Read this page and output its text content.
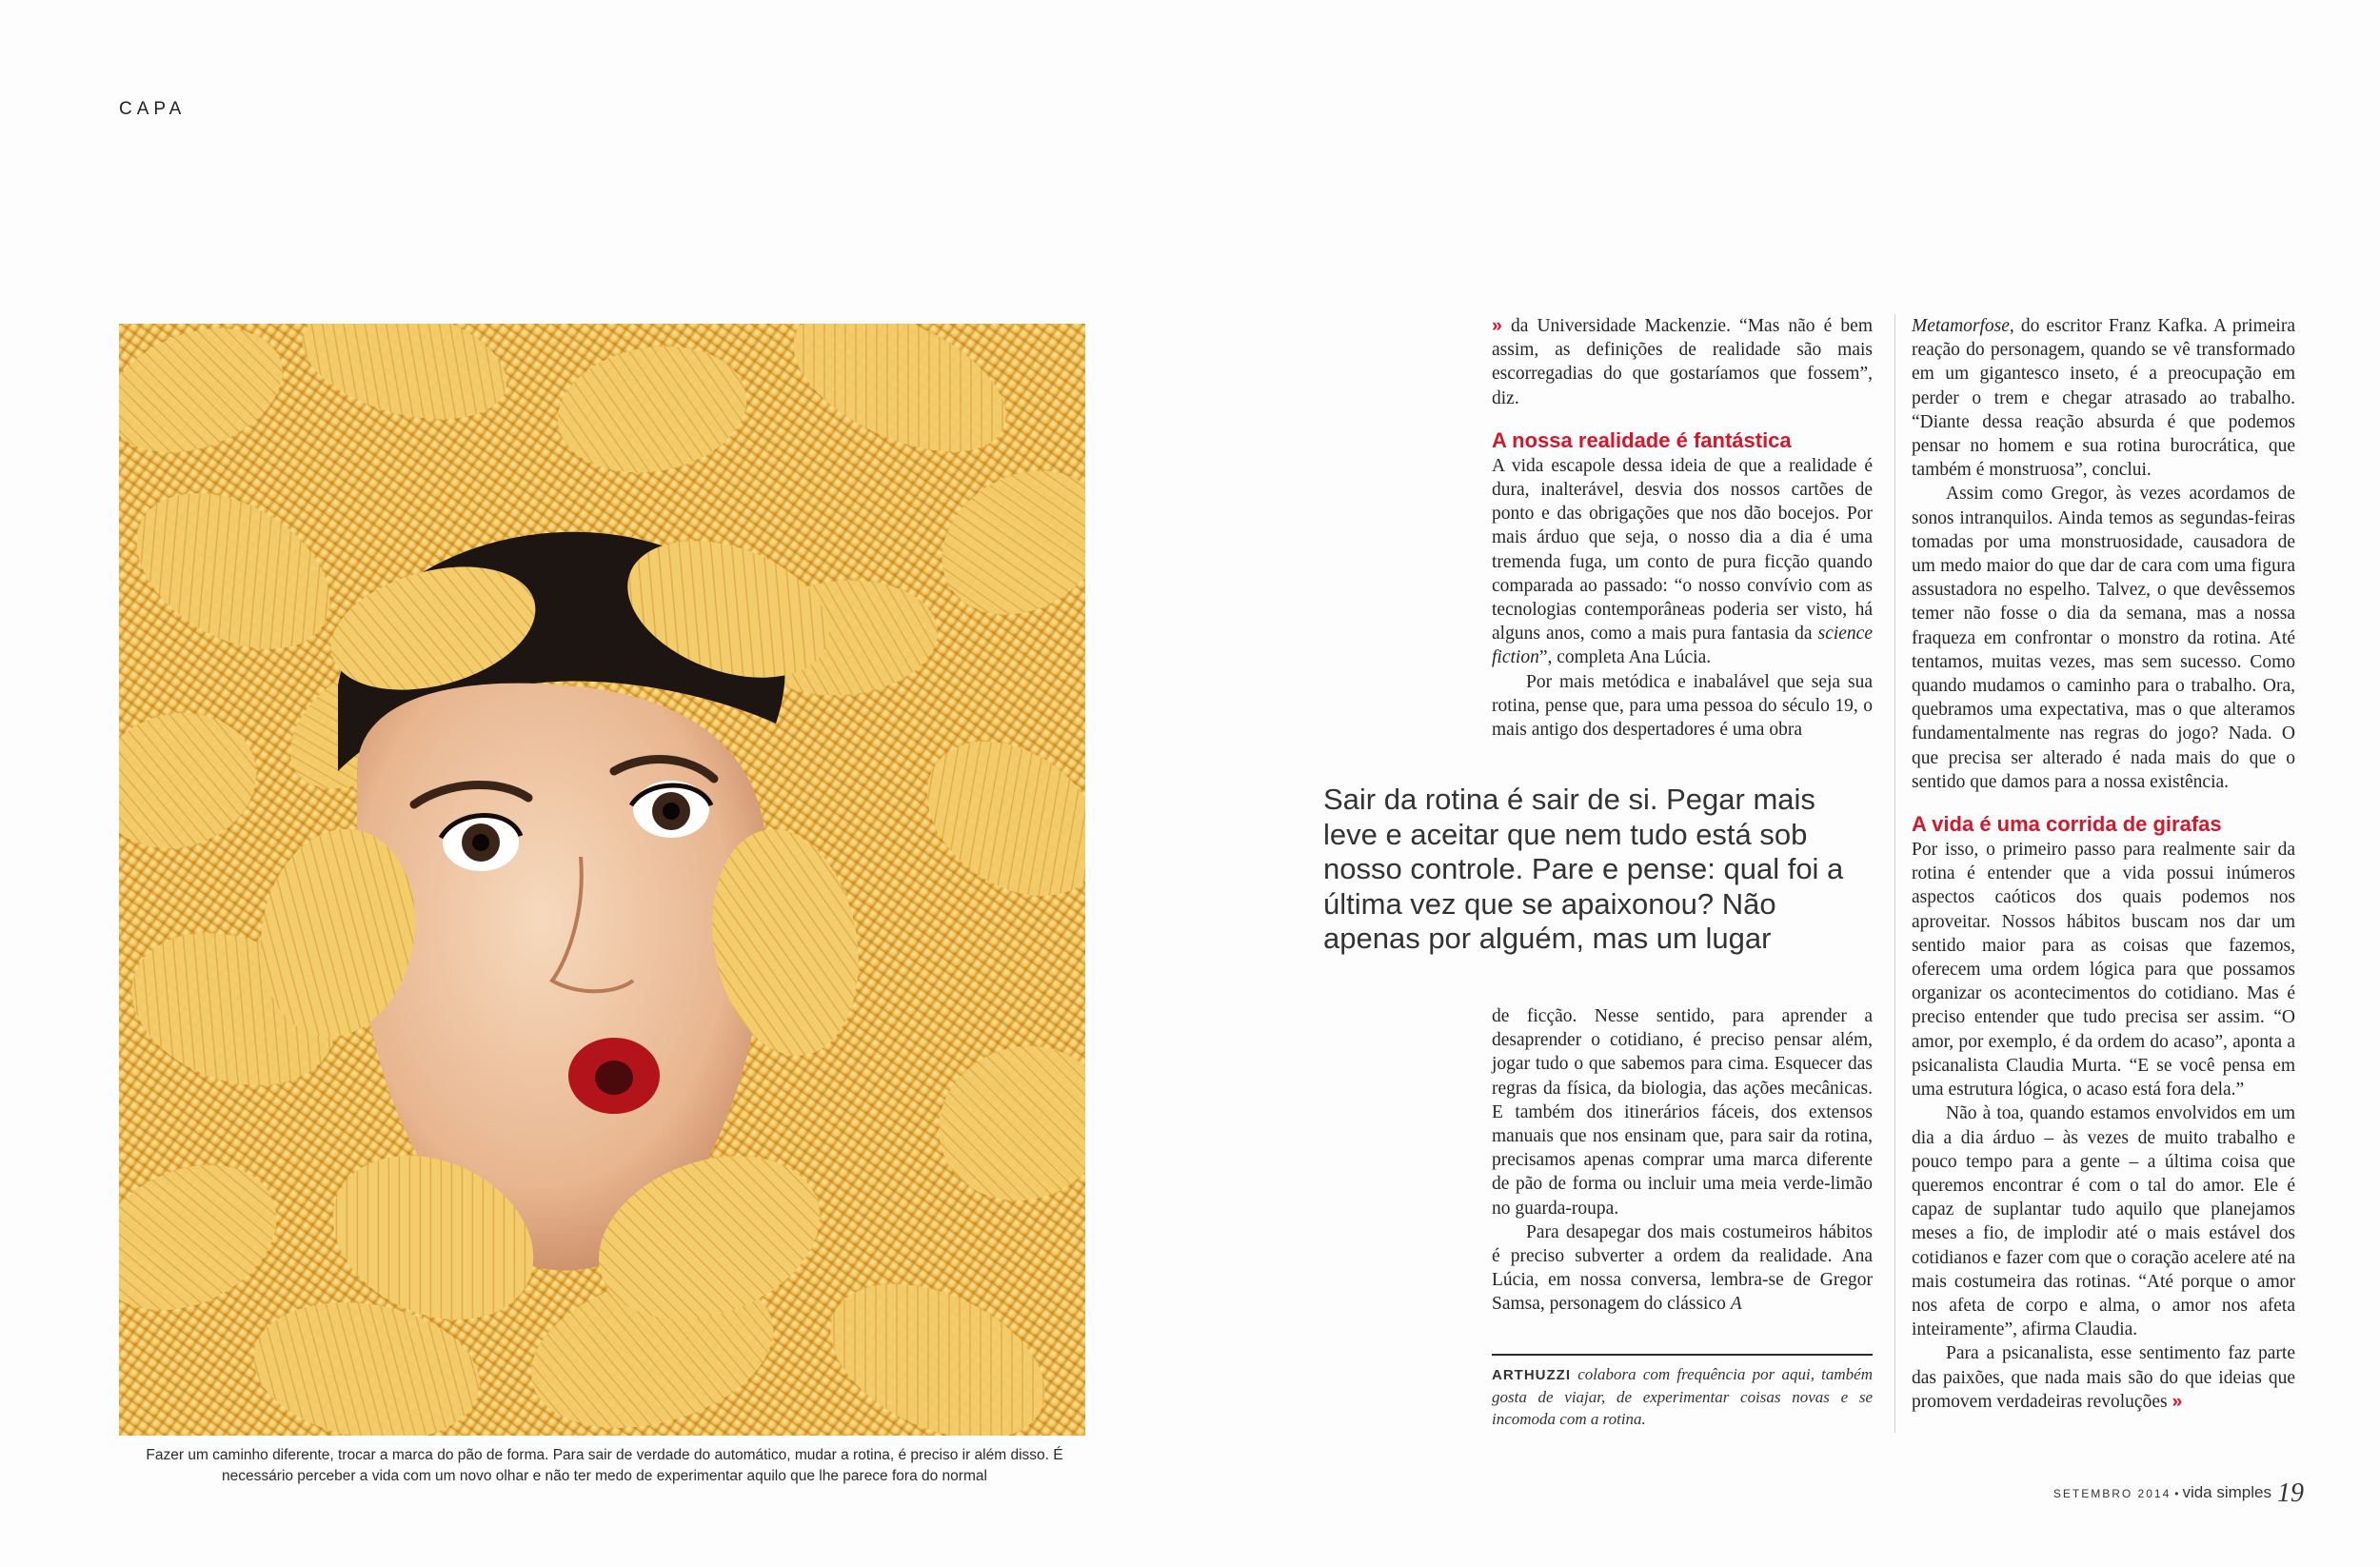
CAPA
Fazer um caminho diferente, trocar a marca do pão de forma. Para sair de verdade do automático, mudar a rotina, é preciso ir além disso. É necessário perceber a vida com um novo olhar e não ter medo de experimentar aquilo que lhe parece fora do normal

» da Universidade Mackenzie. “Mas não é bem assim, as definições de realidade são mais escorregadias do que gostaríamos que fossem”, diz.

A nossa realidade é fantástica

A vida escapole dessa ideia de que a realidade é dura, inalterável, desvia dos nossos cartões de ponto e das obrigações que nos dão bocejos. Por mais árduo que seja, o nosso dia a dia é uma tremenda fuga, um conto de pura ficção quando comparada ao passado: “o nosso convívio com as tecnologias contemporâneas poderia ser visto, há alguns anos, como a mais pura fantasia da science fiction”, completa Ana Lúcia.

Por mais metódica e inabalável que seja sua rotina, pense que, para uma pessoa do século 19, o mais antigo dos despertadores é uma obra

Sair da rotina é sair de si. Pegar mais leve e aceitar que nem tudo está sob nosso controle. Pare e pense: qual foi a última vez que se apaixonou? Não apenas por alguém, mas um lugar

de ficção. Nesse sentido, para aprender a desaprender o cotidiano, é preciso pensar além, jogar tudo o que sabemos para cima. Esquecer das regras da física, da biologia, das ações mecânicas. E também dos itinerários fáceis, dos extensos manuais que nos ensinam que, para sair da rotina, precisamos apenas comprar uma marca diferente de pão de forma ou incluir uma meia verde-limão no guarda-roupa.

Para desapegar dos mais costumeiros hábitos é preciso subverter a ordem da realidade. Ana Lúcia, em nossa conversa, lembra-se de Gregor Samsa, personagem do clássico A

ARTHUZZI colabora com frequência por aqui, também gosta de viajar, de experimentar coisas novas e se incomoda com a rotina.

Metamorfose, do escritor Franz Kafka. A primeira reação do personagem, quando se vê transformado em um gigantesco inseto, é a preocupação em perder o trem e chegar atrasado ao trabalho. “Diante dessa reação absurda é que podemos pensar no homem e sua rotina burocrática, que também é monstruosa”, conclui.

Assim como Gregor, às vezes acordamos de sonos intranquilos. Ainda temos as segundas-feiras tomadas por uma monstruosidade, causadora de um medo maior do que dar de cara com uma figura assustadora no espelho. Talvez, o que devêssemos temer não fosse o dia da semana, mas a nossa fraqueza em confrontar o monstro da rotina. Até tentamos, muitas vezes, mas sem sucesso. Como quando mudamos o caminho para o trabalho. Ora, quebramos uma expectativa, mas o que alteramos fundamentalmente nas regras do jogo? Nada. O que precisa ser alterado é nada mais do que o sentido que damos para a nossa existência.

A vida é uma corrida de girafas

Por isso, o primeiro passo para realmente sair da rotina é entender que a vida possui inúmeros aspectos caóticos dos quais podemos nos aproveitar. Nossos hábitos buscam nos dar um sentido maior para as coisas que fazemos, oferecem uma ordem lógica para que possamos organizar os acontecimentos do cotidiano. Mas é preciso entender que tudo precisa ser assim. “O amor, por exemplo, é da ordem do acaso”, aponta a psicanalista Claudia Murta. “E se você pensa em uma estrutura lógica, o acaso está fora dela.”

Não à toa, quando estamos envolvidos em um dia a dia árduo – às vezes de muito trabalho e pouco tempo para a gente – a última coisa que queremos encontrar é com o tal do amor. Ele é capaz de suplantar tudo aquilo que planejamos meses a fio, de implodir até o mais estável dos cotidianos e fazer com que o coração acelere até na mais costumeira das rotinas. “Até porque o amor nos afeta de corpo e alma, o amor nos afeta inteiramente”, afirma Claudia.

Para a psicanalista, esse sentimento faz parte das paixões, que nada mais são do que ideias que promovem verdadeiras revoluções »

SETEMBRO 2014 • vida simples 19
